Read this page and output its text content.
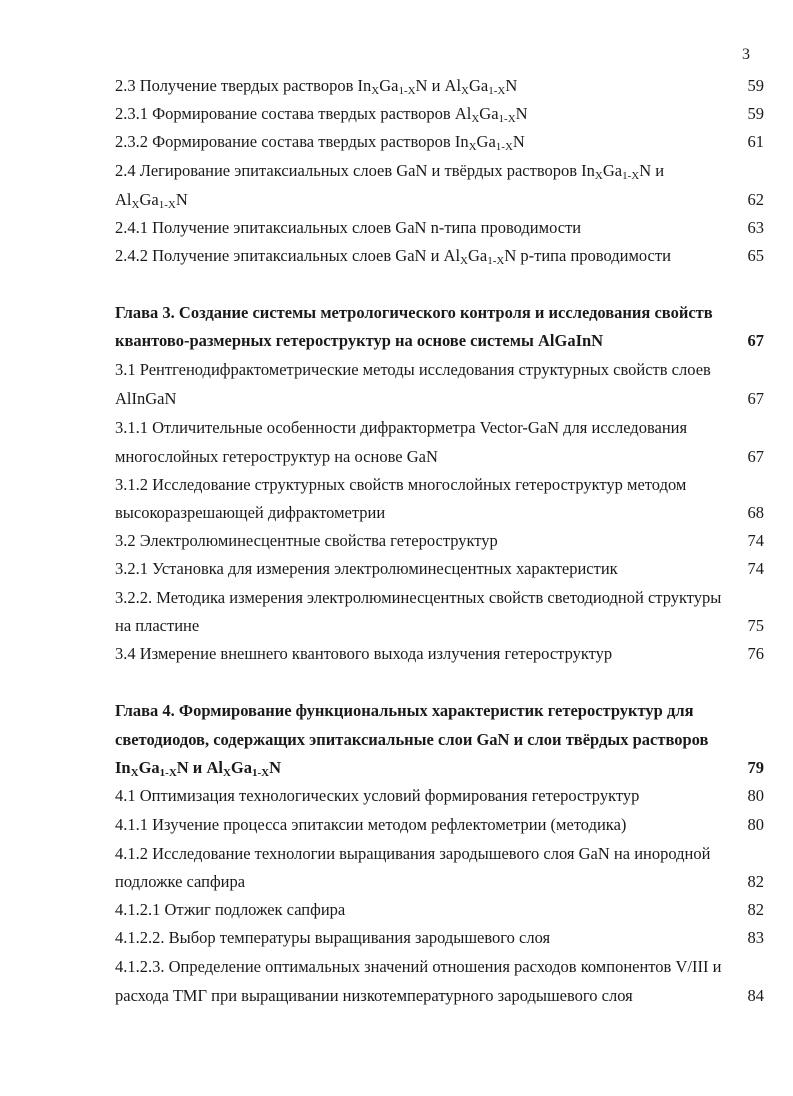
3
2.3 Получение твердых растворов $In_XGa_{1-X}N$ и $Al_XGa_{1-X}N$	59
2.3.1 Формирование состава твердых растворов $Al_XGa_{1-X}N$	59
2.3.2 Формирование состава твердых растворов $In_XGa_{1-X}N$	61
2.4 Легирование эпитаксиальных слоев GaN и твёрдых растворов $In_XGa_{1-X}N$ и
$Al_XGa_{1-X}N$	62
2.4.1 Получение эпитаксиальных слоев GaN n-типа проводимости	63
2.4.2 Получение эпитаксиальных слоев GaN и $Al_XGa_{1-X}N$ p-типа проводимости	65
Глава 3. Создание системы метрологического контроля и исследования свойств
квантово-размерных гетероструктур на основе системы AlGaInN	67
3.1 Рентгенодифрактометрические методы исследования структурных свойств слоев
AlInGaN	67
3.1.1 Отличительные особенности дифракторметра Vector-GaN для исследования
многослойных гетероструктур на основе GaN	67
3.1.2 Исследование структурных свойств многослойных гетероструктур методом
высокоразрешающей дифрактометрии	68
3.2 Электролюминесцентные свойства гетероструктур	74
3.2.1 Установка для измерения электролюминесцентных характеристик	74
3.2.2. Методика измерения электролюминесцентных свойств светодиодной структуры
на пластине	75
3.4 Измерение внешнего квантового выхода излучения гетероструктур	76
Глава 4. Формирование функциональных характеристик гетероструктур для
светодиодов, содержащих эпитаксиальные слои GaN и слои твёрдых растворов
$In_XGa_{1-X}N$ и $Al_XGa_{1-X}N$	79
4.1 Оптимизация технологических условий формирования гетероструктур	80
4.1.1 Изучение процесса эпитаксии методом рефлектометрии (методика)	80
4.1.2 Исследование технологии выращивания зародышевого слоя GaN на инородной
подложке сапфира	82
4.1.2.1 Отжиг подложек сапфира	82
4.1.2.2. Выбор температуры выращивания зародышевого слоя	83
4.1.2.3. Определение оптимальных значений отношения расходов компонентов V/III и
расхода ТМГ при выращивании низкотемпературного зародышевого слоя	84
